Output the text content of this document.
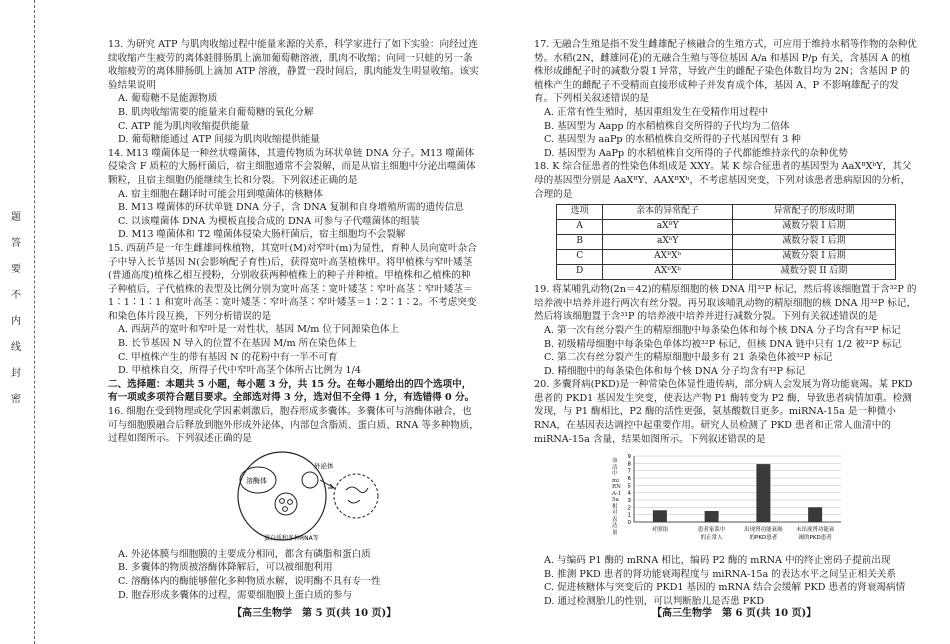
题 答 要 不 内 线 封 密

13. 为研究 ATP 与肌肉收缩过程中能量来源的关系，科学家进行了如下实验：向经过连续收缩产生疲劳的离体蛙腓肠肌上滴加葡萄糖溶液，肌肉不收缩；向同一只蛙的另一条收缩疲劳的离体腓肠肌上滴加 ATP 溶液，静置一段时间后，肌肉能发生明显收缩。该实验结果说明

A. 葡萄糖不是能源物质

B. 肌肉收缩需要的能量来自葡萄糖的氧化分解

C. ATP 能为肌肉收缩提供能量

D. 葡萄糖能通过 ATP 间接为肌肉收缩提供能量

14. M13 噬菌体是一种丝状噬菌体，其遗传物质为环状单链 DNA 分子。M13 噬菌体侵染含 F 质粒的大肠杆菌后，宿主细胞通常不会裂解，而是从宿主细胞中分泌出噬菌体颗粒，且宿主细胞仍能继续生长和分裂。下列叙述正确的是

A. 宿主细胞在翻译时可能会用到噬菌体的核糖体

B. M13 噬菌体的环状单链 DNA 分子，含 DNA 复制和自身增殖所需的遗传信息

C. 以该噬菌体 DNA 为模板直接合成的 DNA 可参与子代噬菌体的组装

D. M13 噬菌体和 T2 噬菌体侵染大肠杆菌后，宿主细胞均不会裂解

15. 西葫芦是一年生雌雄同株植物，其宽叶(M)对窄叶(m)为显性，育种人员向宽叶杂合子中导入长节基因 N(会影响配子育性)后，获得宽叶高茎植株甲。将甲植株与窄叶矮茎(普通高度)植株乙相互授粉，分别收获两种植株上的种子并种植。甲植株和乙植株的种子种植后，子代植株的表型及比例分别为宽叶高茎∶宽叶矮茎∶窄叶高茎∶窄叶矮茎＝1∶1∶1∶1 和宽叶高茎∶宽叶矮茎∶窄叶高茎∶窄叶矮茎＝1∶2∶1∶2。不考虑突变和染色体片段互换，下列分析错误的是

A. 西葫芦的宽叶和窄叶是一对性状，基因 M/m 位于同源染色体上

B. 长节基因 N 导入的位置不在基因 M/m 所在染色体上

C. 甲植株产生的带有基因 N 的花粉中有一半不可育

D. 甲植株自交，所得子代中窄叶高茎个体所占比例为 1/4

二、选择题：本题共 5 小题，每小题 3 分，共 15 分。在每小题给出的四个选项中，有一项或多项符合题目要求。全部选对得 3 分，选对但不全得 1 分，有选错得 0 分。

16. 细胞在受到物理或化学因素刺激后，胞吞形成多囊体。多囊体可与溶酶体融合，也可与细胞膜融合后释放到胞外形成外泌体，内部包含脂质、蛋白质、RNA 等多种物质，过程如图所示。下列叙述正确的是

溶酶体
外泌体
蛋白质和多种RNA等

A. 外泌体膜与细胞膜的主要成分相同，都含有磷脂和蛋白质

B. 多囊体的物质被溶酶体降解后，可以被细胞利用

C. 溶酶体内的酶能够催化多种物质水解，说明酶不具有专一性

D. 胞吞形成多囊体的过程，需要细胞膜上蛋白质的参与

【高三生物学　第 5 页(共 10 页)】

17. 无融合生殖是指不发生雌雄配子核融合的生殖方式，可应用于维持水稻等作物的杂种优势。水稻(2N，雌雄同花)的无融合生殖与等位基因 A/a 和基因 P/p 有关，含基因 A 的植株形成雌配子时的减数分裂 I 异常，导致产生的雌配子染色体数目均为 2N；含基因 P 的植株产生的雌配子不受精而直接形成种子并发育成个体，基因 A、P 不影响雄配子的发育。下列相关叙述错误的是

A. 正常有性生殖时，基因重组发生在受精作用过程中

B. 基因型为 Aapp 的水稻植株自交所得的子代均为二倍体

C. 基因型为 aaPp 的水稻植株自交所得的子代基因型有 3 种

D. 基因型为 AaPp 的水稻植株自交所得的子代都能维持亲代的杂种优势

18. K 综合征患者的性染色体组成是 XXY。某 K 综合征患者的基因型为 AaXᴮXᵇY，其父母的基因型分别是 AaXᴮY、AAXᴮXᵇ，不考虑基因突变，下列对该患者患病原因的分析，合理的是

选项	亲本的异常配子	异常配子的形成时期
A	aXᴮY	减数分裂 I 后期
B	aXᵇY	减数分裂 I 后期
C	AXᴮXᵇ	减数分裂 I 后期
D	AXᵇXᵇ	减数分裂 II 后期

19. 将某哺乳动物(2n＝42)的精原细胞的核 DNA 用³²P 标记，然后将该细胞置于含³²P 的培养液中培养并进行两次有丝分裂。再另取该哺乳动物的精原细胞的核 DNA 用³²P 标记，然后将该细胞置于含³¹P 的培养液中培养并进行减数分裂。下列有关叙述错误的是

A. 第一次有丝分裂产生的精原细胞中每条染色体和每个核 DNA 分子均含有³²P 标记

B. 初级精母细胞中每条染色单体均被³²P 标记，但核 DNA 链中只有 1/2 被³²P 标记

C. 第二次有丝分裂产生的精原细胞中最多有 21 条染色体被³²P 标记

D. 精细胞中的每条染色体和每个核 DNA 分子均含有³²P 标记

20. 多囊肾病(PKD)是一种常染色体显性遗传病，部分病人会发展为肾功能衰竭。某 PKD 患者的 PKD1 基因发生突变，使表达产物 P1 酶转变为 P2 酶，导致患者病情加重。检测发现，与 P1 酶相比，P2 酶的活性更强，氨基酸数目更多。miRNA-15a 是一种微小 RNA，在基因表达调控中起重要作用。研究人员检测了 PKD 患者和正常人血清中的 miRNA-15a 含量，结果如图所示。下列叙述错误的是

血清中miRNA-15a相对表达量
0
1
2
3
4
5
6
7
8
9
对照组	患者家系中
的正常人
出现肾功能衰竭
的PKD患者
未出现肾功能衰
竭的PKD患者

A. 与编码 P1 酶的 mRNA 相比，编码 P2 酶的 mRNA 中的终止密码子提前出现

B. 推测 PKD 患者的肾功能衰竭程度与 miRNA-15a 的表达水平之间呈正相关关系

C. 促进核糖体与突变后的 PKD1 基因的 mRNA 结合会缓解 PKD 患者的肾衰竭病情

D. 通过检测胎儿的性别，可以判断胎儿是否患 PKD

【高三生物学　第 6 页(共 10 页)】
